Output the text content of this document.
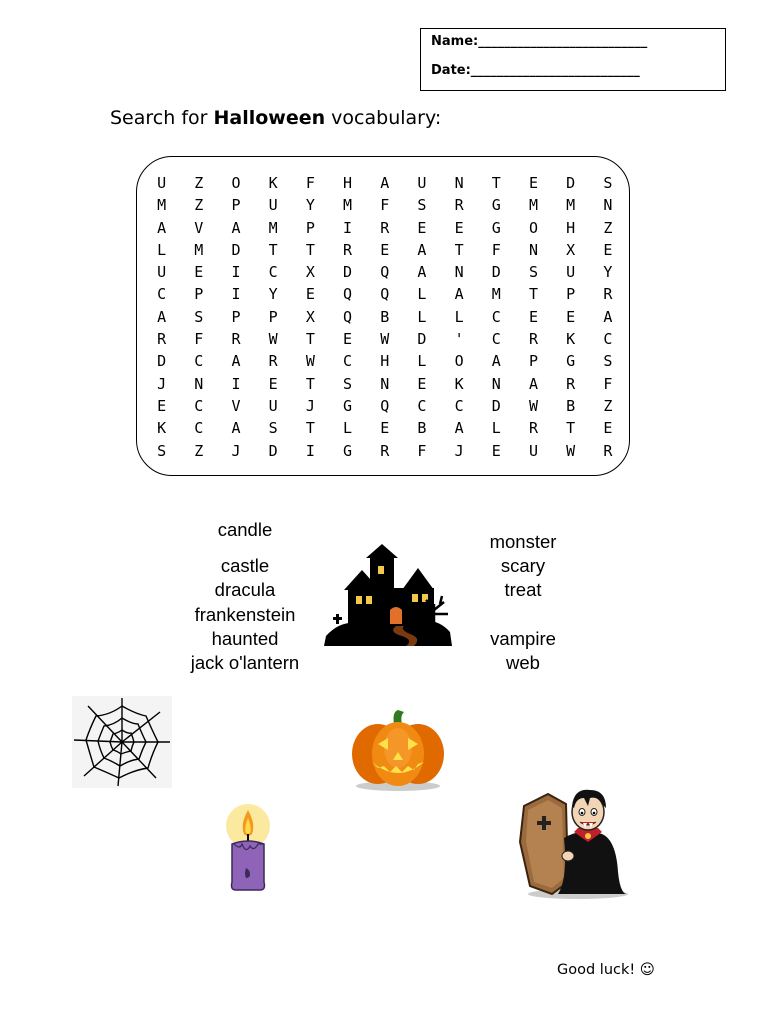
Name:__________________________
Date:__________________________
Search for Halloween vocabulary:
U	Z	O	K	F	H	A	U	N	T	E	D	S
M	Z	P	U	Y	M	F	S	R	G	M	M	N
A	V	A	M	P	I	R	E	E	G	O	H	Z
L	M	D	T	T	R	E	A	T	F	N	X	E
U	E	I	C	X	D	Q	A	N	D	S	U	Y
C	P	I	Y	E	Q	Q	L	A	M	T	P	R
A	S	P	P	X	Q	B	L	L	C	E	E	A
R	F	R	W	T	E	W	D	'	C	R	K	C
D	C	A	R	W	C	H	L	O	A	P	G	S
J	N	I	E	T	S	N	E	K	N	A	R	F
E	C	V	U	J	G	Q	C	C	D	W	B	Z
K	C	A	S	T	L	E	B	A	L	R	T	E
S	Z	J	D	I	G	R	F	J	E	U	W	R
candle
castle
dracula
frankenstein
haunted
jack o'lantern
monster
scary
treat
vampire
web
Good luck! ☺
